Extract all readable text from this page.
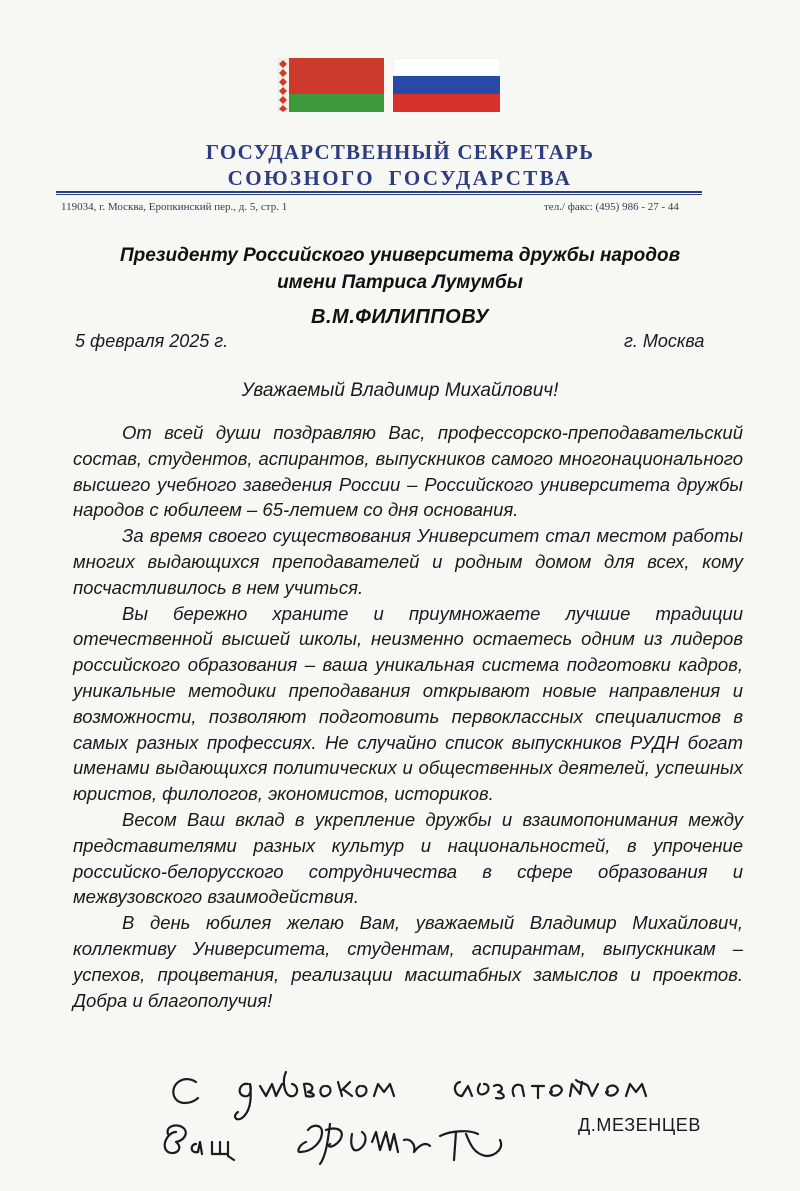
ГОСУДАРСТВЕННЫЙ СЕКРЕТАРЬ
СОЮЗНОГО ГОСУДАРСТВА
119034, г. Москва, Еропкинский пер., д. 5, стр. 1	тел./ факс: (495) 986 - 27 - 44
Президенту Российского университета дружбы народов
имени Патриса Лумумбы
В.М.ФИЛИППОВУ
5 февраля 2025 г.	г. Москва
Уважаемый Владимир Михайлович!

От всей души поздравляю Вас, профессорско-преподавательский состав, студентов, аспирантов, выпускников самого многонационального высшего учебного заведения России – Российского университета дружбы народов с юбилеем – 65-летием со дня основания.

За время своего существования Университет стал местом работы многих выдающихся преподавателей и родным домом для всех, кому посчастливилось в нем учиться.

Вы бережно храните и приумножаете лучшие традиции отечественной высшей школы, неизменно остаетесь одним из лидеров российского образования – ваша уникальная система подготовки кадров, уникальные методики преподавания открывают новые направления и возможности, позволяют подготовить первоклассных специалистов в самых разных профессиях. Не случайно список выпускников РУДН богат именами выдающихся политических и общественных деятелей, успешных юристов, филологов, экономистов, историков.

Весом Ваш вклад в укрепление дружбы и взаимопонимания между представителями разных культур и национальностей, в упрочение российско-белорусского сотрудничества в сфере образования и межвузовского взаимодействия.

В день юбилея желаю Вам, уважаемый Владимир Михайлович, коллективу Университета, студентам, аспирантам, выпускникам – успехов, процветания, реализации масштабных замыслов и проектов. Добра и благополучия!

Д.МЕЗЕНЦЕВ
